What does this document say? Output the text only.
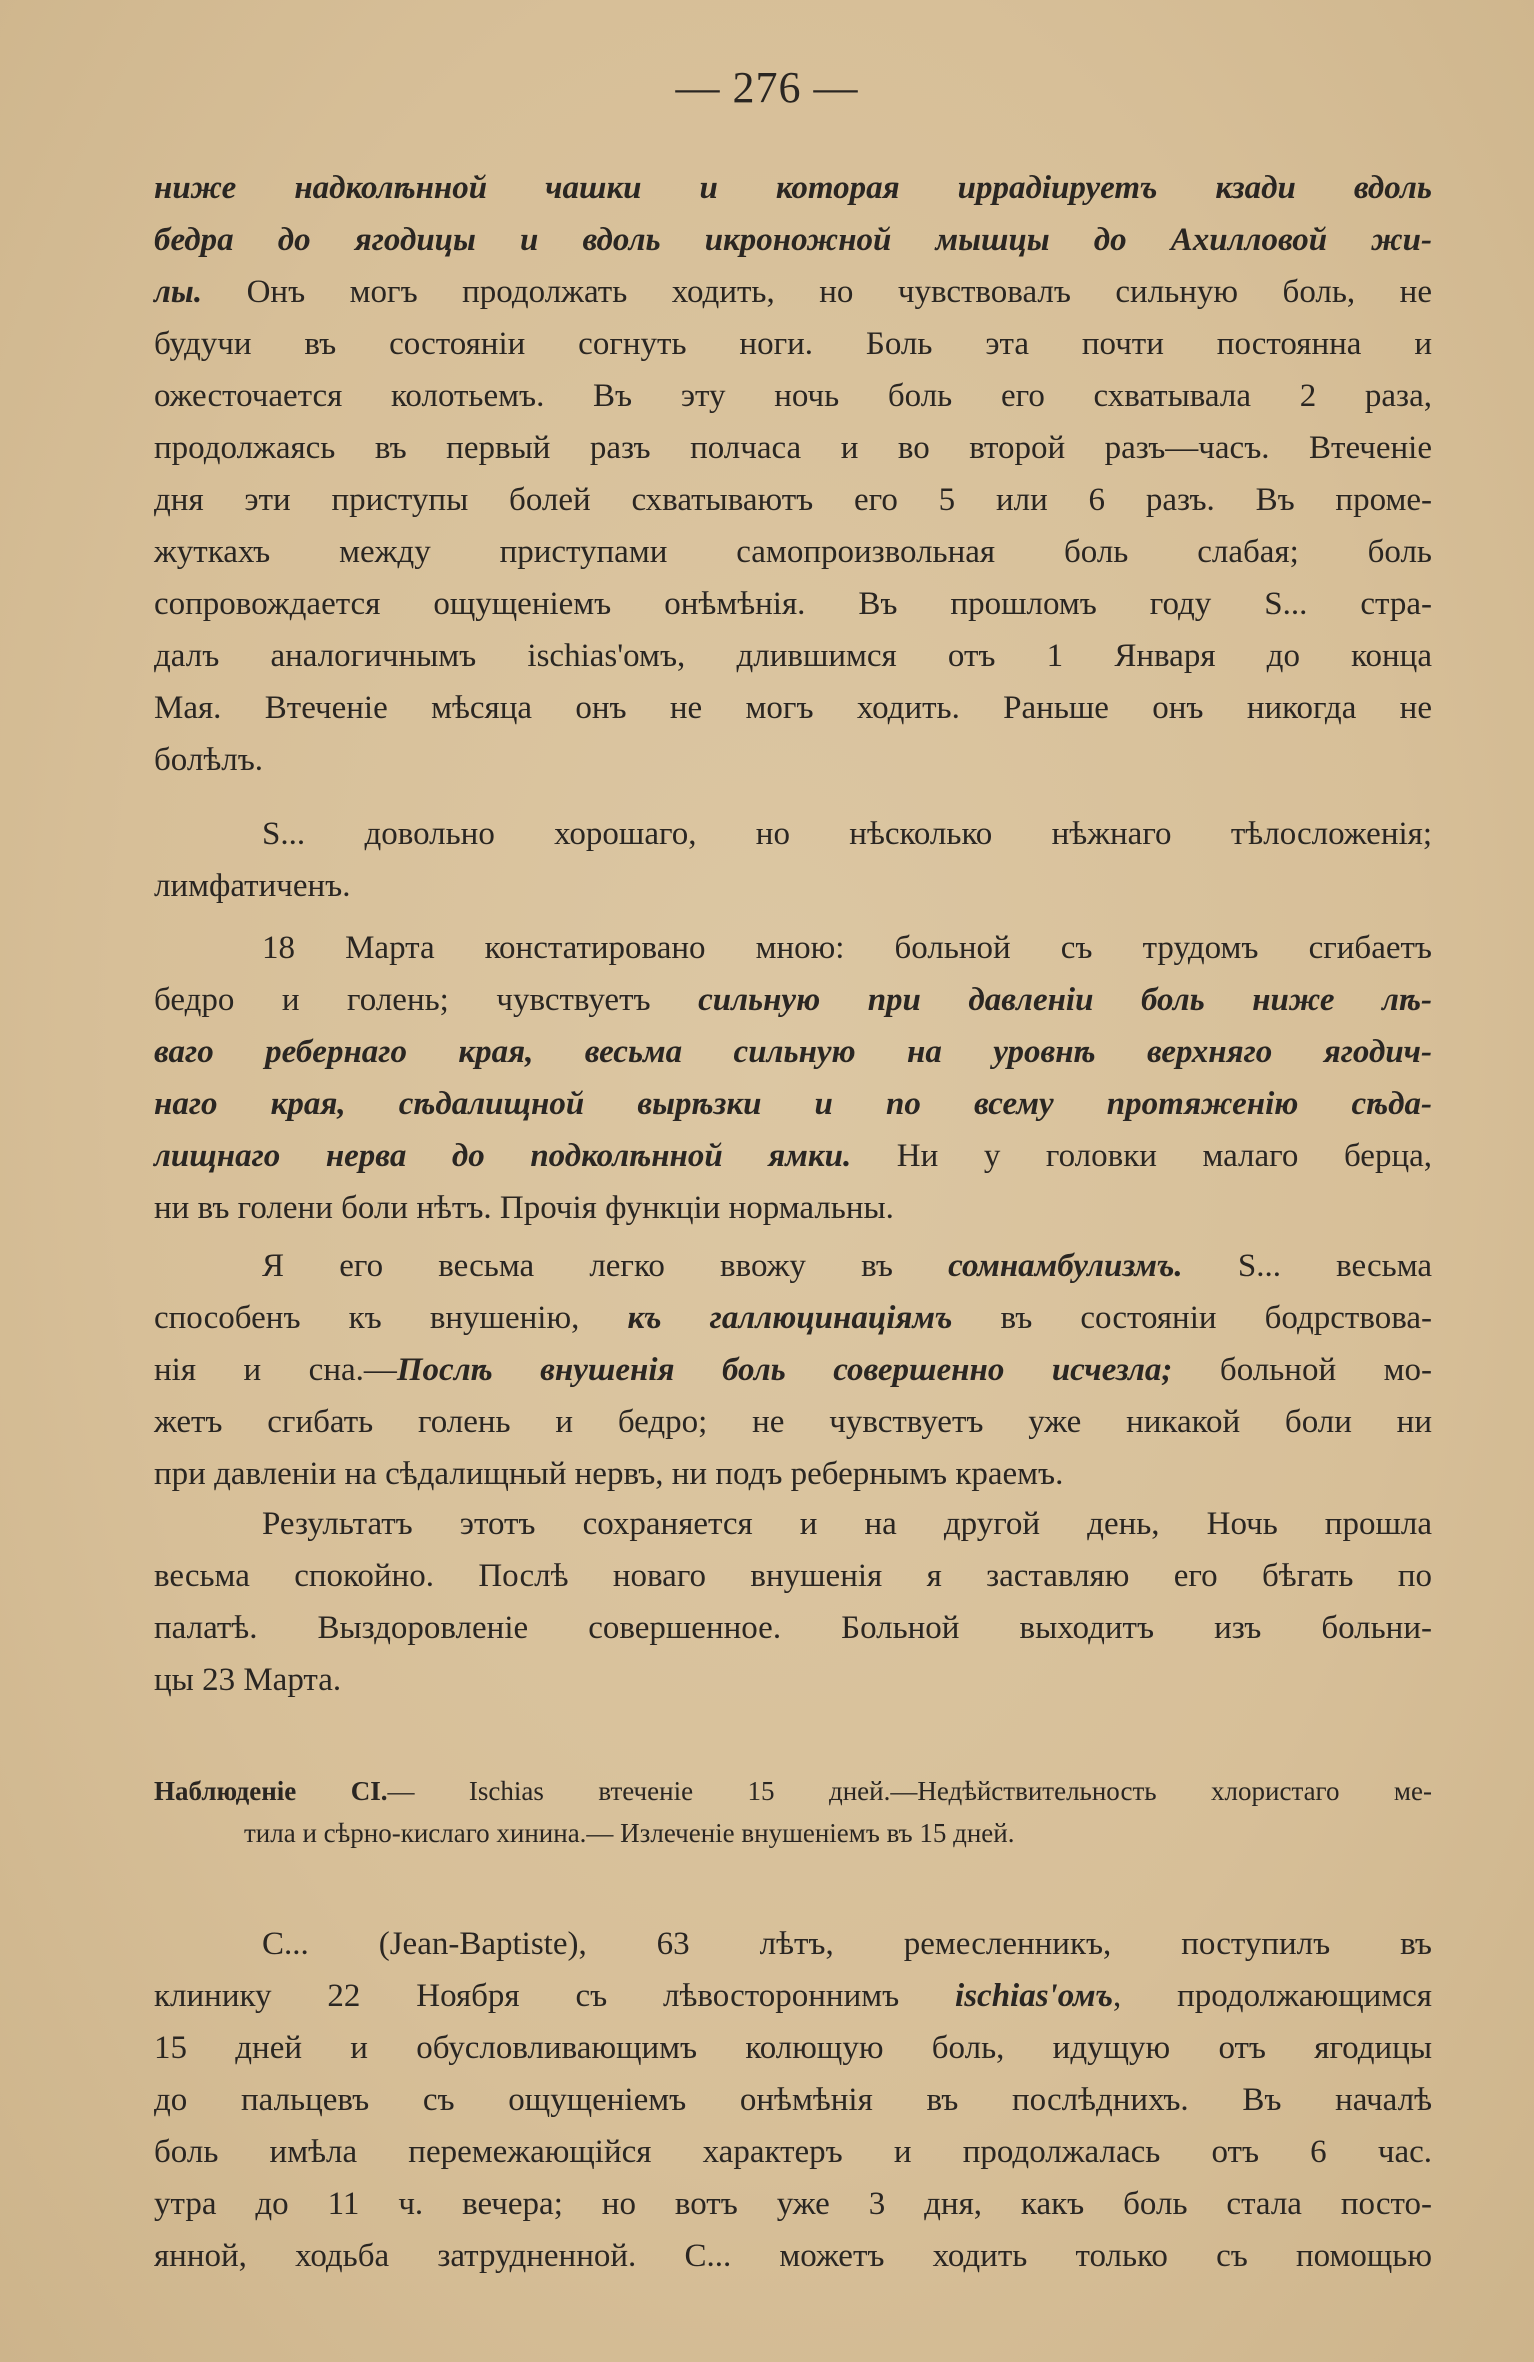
— 276 —
ниже надколѣнной чашки и которая иррадіируетъ кзади вдоль
бедра до ягодицы и вдоль икроножной мышцы до Ахилловой жи-
лы. Онъ могъ продолжать ходить, но чувствовалъ сильную боль, не
будучи въ состояніи согнуть ноги. Боль эта почти постоянна и
ожесточается колотьемъ. Въ эту ночь боль его схватывала 2 раза,
продолжаясь въ первый разъ полчаса и во второй разъ—часъ. Втеченіе
дня эти приступы болей схватываютъ его 5 или 6 разъ. Въ проме-
жуткахъ между приступами самопроизвольная боль слабая; боль
сопровождается ощущеніемъ онѣмѣнія. Въ прошломъ году S... стра-
далъ аналогичнымъ ischias'омъ, длившимся отъ 1 Января до конца
Мая. Втеченіе мѣсяца онъ не могъ ходить. Раньше онъ никогда не
болѣлъ.
S... довольно хорошаго, но нѣсколько нѣжнаго тѣлосложенія;
лимфатиченъ.
18 Марта констатировано мною: больной съ трудомъ сгибаетъ
бедро и голень; чувствуетъ сильную при давленіи боль ниже лѣ-
ваго ребернаго края, весьма сильную на уровнѣ верхняго ягодич-
наго края, сѣдалищной вырѣзки и по всему протяженію сѣда-
лищнаго нерва до подколѣнной ямки. Ни у головки малаго берца,
ни въ голени боли нѣтъ. Прочія функціи нормальны.
Я его весьма легко ввожу въ сомнамбулизмъ. S... весьма
способенъ къ внушенію, къ галлюцинаціямъ въ состояніи бодрствова-
нія и сна.—Послѣ внушенія боль совершенно исчезла; больной мо-
жетъ сгибать голень и бедро; не чувствуетъ уже никакой боли ни
при давленіи на сѣдалищный нервъ, ни подъ ребернымъ краемъ.
Результатъ этотъ сохраняется и на другой день, Ночь прошла
весьма спокойно. Послѣ новаго внушенія я заставляю его бѣгать по
палатѣ. Выздоровленіе совершенное. Больной выходитъ изъ больни-
цы 23 Марта.
Наблюденіе CI.— Ischias втеченіе 15 дней.—Недѣйствительность хлористаго ме-
тила и сѣрно-кислаго хинина.— Излеченіе внушеніемъ въ 15 дней.
C... (Jean-Baptiste), 63 лѣтъ, ремесленникъ, поступилъ въ
клинику 22 Ноября съ лѣвостороннимъ ischias'омъ, продолжающимся
15 дней и обусловливающимъ колющую боль, идущую отъ ягодицы
до пальцевъ съ ощущеніемъ онѣмѣнія въ послѣднихъ. Въ началѣ
боль имѣла перемежающійся характеръ и продолжалась отъ 6 час.
утра до 11 ч. вечера; но вотъ уже 3 дня, какъ боль стала посто-
янной, ходьба затрудненной. C... можетъ ходить только съ помощью
